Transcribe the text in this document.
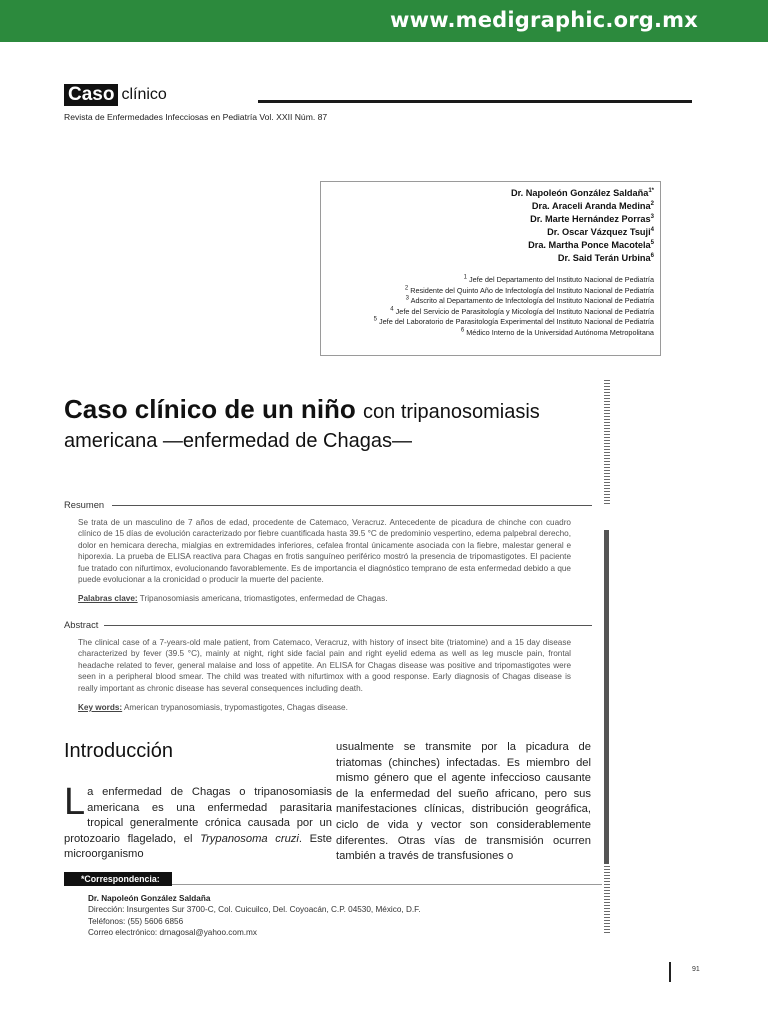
www.medigraphic.org.mx
Caso clínico
Revista de Enfermedades Infecciosas en Pediatría Vol. XXII Núm. 87
Dr. Napoleón González Saldaña$^{1*}$
Dra. Araceli Aranda Medina$^2$
Dr. Marte Hernández Porras$^3$
Dr. Oscar Vázquez Tsuji$^4$
Dra. Martha Ponce Macotela$^5$
Dr. Said Terán Urbina$^6$
$^1$ Jefe del Departamento del Instituto Nacional de Pediatría
$^2$ Residente del Quinto Año de Infectología del Instituto Nacional de Pediatría
$^3$ Adscrito al Departamento de Infectología del Instituto Nacional de Pediatría
$^4$ Jefe del Servicio de Parasitología y Micología del Instituto Nacional de Pediatría
$^5$ Jefe del Laboratorio de Parasitología Experimental del Instituto Nacional de Pediatría
$^6$ Médico Interno de la Universidad Autónoma Metropolitana
Caso clínico de un niño con tripanosomiasis
americana —enfermedad de Chagas—
Resumen
Se trata de un masculino de 7 años de edad, procedente de Catemaco, Veracruz. Antecedente de picadura de chinche con cuadro clínico de 15 días de evolución caracterizado por fiebre cuantificada hasta 39.5 °C de predominio vespertino, edema palpebral derecho, dolor en hemicara derecha, mialgias en extremidades inferiores, cefalea frontal únicamente asociada con la fiebre, malestar general e hiporexia. La prueba de ELISA reactiva para Chagas en frotis sanguíneo periférico mostró la presencia de tripomastigotes. El paciente fue tratado con nifurtimox, evolucionando favorablemente. Es de importancia el diagnóstico temprano de esta enfermedad debido a que puede evolucionar a la cronicidad o producir la muerte del paciente.
Palabras clave: Tripanosomiasis americana, triomastigotes, enfermedad de Chagas.
Abstract
The clinical case of a 7-years-old male patient, from Catemaco, Veracruz, with history of insect bite (triatomine) and a 15 day disease characterized by fever (39.5 °C), mainly at night, right side facial pain and right eyelid edema as well as leg muscle pain, frontal headache related to fever, general malaise and loss of appetite. An ELISA for Chagas disease was positive and tripomastigotes were seen in a peripheral blood smear. The child was treated with nifurtimox with a good response. Early diagnosis of Chagas disease is really important as chronic disease has several consequences including death.
Key words: American trypanosomiasis, trypomastigotes, Chagas disease.
Introducción
La enfermedad de Chagas o tripanosomiasis americana es una enfermedad parasitaria tropical generalmente crónica causada por un protozoario flagelado, el Trypanosoma cruzi. Este microorganismo
usualmente se transmite por la picadura de triatomas (chinches) infectadas. Es miembro del mismo género que el agente infeccioso causante de la enfermedad del sueño africano, pero sus manifestaciones clínicas, distribución geográfica, ciclo de vida y vector son considerablemente diferentes. Otras vías de transmisión ocurren también a través de transfusiones o
*Correspondencia:
Dr. Napoleón González Saldaña
Dirección: Insurgentes Sur 3700-C, Col. Cuicuilco, Del. Coyoacán, C.P. 04530, México, D.F.
Teléfonos: (55) 5606 6856
Correo electrónico: drnagosal@yahoo.com.mx
91
